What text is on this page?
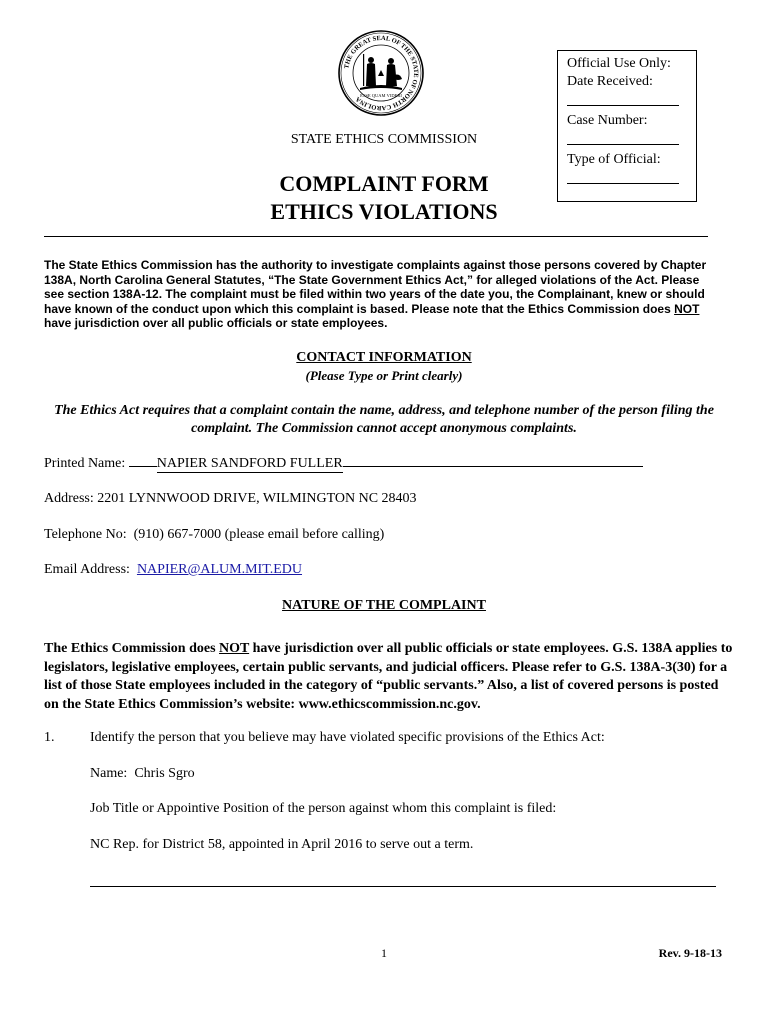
THE GREAT SEAL OF THE STATE OF NORTH CAROLINA
ESSE QUAM VIDERI
Official Use Only:
Date Received:
Case Number:
Type of Official:
STATE ETHICS COMMISSION
COMPLAINT FORM
ETHICS VIOLATIONS
The State Ethics Commission has the authority to investigate complaints against those persons covered by Chapter 138A, North Carolina General Statutes, “The State Government Ethics Act,” for alleged violations of the Act. Please see section 138A-12. The complaint must be filed within two years of the date you, the Complainant, knew or should have known of the conduct upon which this complaint is based. Please note that the Ethics Commission does NOT have jurisdiction over all public officials or state employees.
CONTACT INFORMATION
(Please Type or Print clearly)
The Ethics Act requires that a complaint contain the name, address, and telephone number of the person filing the complaint. The Commission cannot accept anonymous complaints.
Printed Name: NAPIER SANDFORD FULLER
Address: 2201 LYNNWOOD DRIVE, WILMINGTON NC 28403
Telephone No: (910) 667-7000 (please email before calling)
Email Address: NAPIER@ALUM.MIT.EDU
NATURE OF THE COMPLAINT
The Ethics Commission does NOT have jurisdiction over all public officials or state employees. G.S. 138A applies to legislators, legislative employees, certain public servants, and judicial officers. Please refer to G.S. 138A-3(30) for a list of those State employees included in the category of “public servants.” Also, a list of covered persons is posted on the State Ethics Commission’s website: www.ethicscommission.nc.gov.
1.	Identify the person that you believe may have violated specific provisions of the Ethics Act:
Name: Chris Sgro
Job Title or Appointive Position of the person against whom this complaint is filed:
NC Rep. for District 58, appointed in April 2016 to serve out a term.
1	Rev. 9-18-13
